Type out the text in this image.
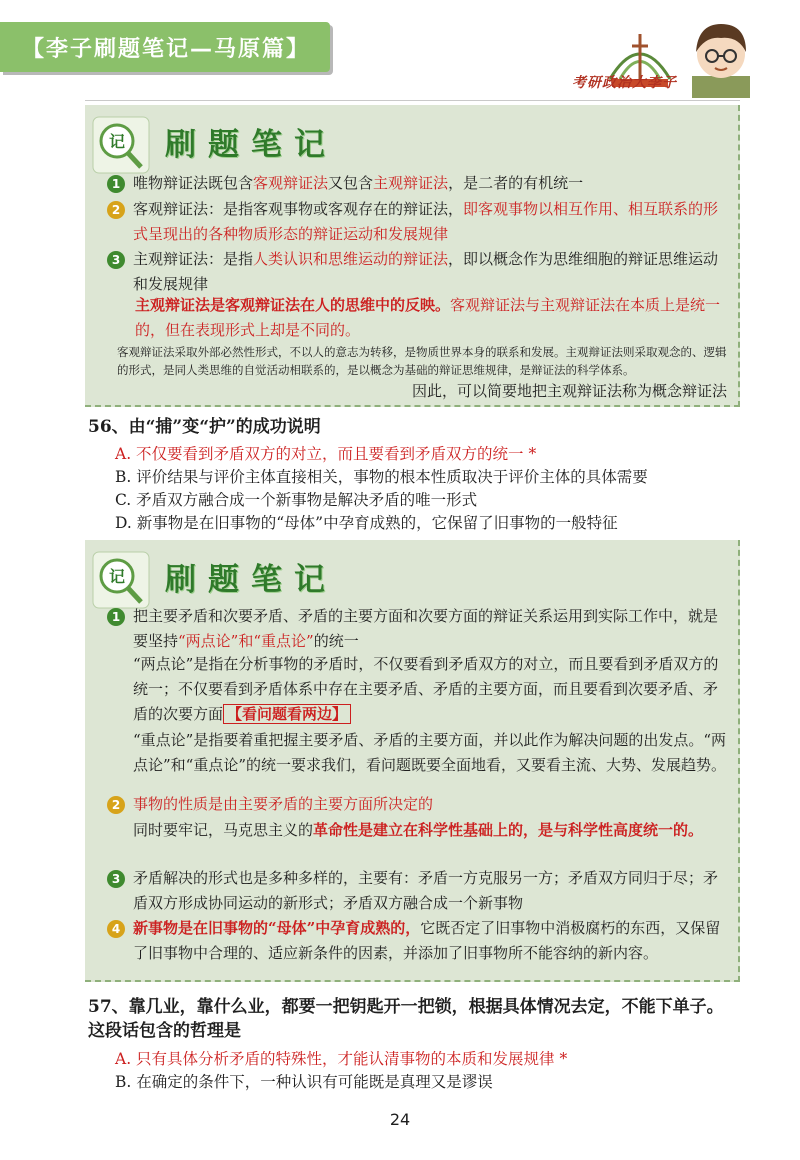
【李子刷题笔记—马原篇】
考研政治大李子
记 刷题笔记
1 唯物辩证法既包含客观辩证法又包含主观辩证法，是二者的有机统一
2 客观辩证法：是指客观事物或客观存在的辩证法，即客观事物以相互作用、相互联系的形式呈现出的各种物质形态的辩证运动和发展规律
3 主观辩证法：是指人类认识和思维运动的辩证法，即以概念作为思维细胞的辩证思维运动和发展规律
主观辩证法是客观辩证法在人的思维中的反映。客观辩证法与主观辩证法在本质上是统一的，但在表现形式上却是不同的。
客观辩证法采取外部必然性形式，不以人的意志为转移，是物质世界本身的联系和发展。主观辩证法则采取观念的、逻辑的形式，是同人类思维的自觉活动相联系的，是以概念为基础的辩证思维规律，是辩证法的科学体系。
因此，可以简要地把主观辩证法称为概念辩证法
56、由“捕”变“护”的成功说明
A. 不仅要看到矛盾双方的对立，而且要看到矛盾双方的统一 *
B. 评价结果与评价主体直接相关，事物的根本性质取决于评价主体的具体需要
C. 矛盾双方融合成一个新事物是解决矛盾的唯一形式
D. 新事物是在旧事物的“母体”中孕育成熟的，它保留了旧事物的一般特征
记 刷题笔记
1 把主要矛盾和次要矛盾、矛盾的主要方面和次要方面的辩证关系运用到实际工作中，就是要坚持“两点论”和“重点论”的统一
“两点论”是指在分析事物的矛盾时，不仅要看到矛盾双方的对立，而且要看到矛盾双方的统一；不仅要看到矛盾体系中存在主要矛盾、矛盾的主要方面，而且要看到次要矛盾、矛盾的次要方面 【看问题看两边】
“重点论”是指要着重把握主要矛盾、矛盾的主要方面，并以此作为解决问题的出发点。“两点论”和“重点论”的统一要求我们，看问题既要全面地看，又要看主流、大势、发展趋势。
2 事物的性质是由主要矛盾的主要方面所决定的
同时要牢记，马克思主义的革命性是建立在科学性基础上的，是与科学性高度统一的。
3 矛盾解决的形式也是多种多样的，主要有：矛盾一方克服另一方；矛盾双方同归于尽；矛盾双方形成协同运动的新形式；矛盾双方融合成一个新事物
4 新事物是在旧事物的“母体”中孕育成熟的，它既否定了旧事物中消极腐朽的东西，又保留了旧事物中合理的、适应新条件的因素，并添加了旧事物所不能容纳的新内容。
57、靠几业，靠什么业，都要一把钥匙开一把锁，根据具体情况去定，不能下单子。这段话包含的哲理是
A. 只有具体分析矛盾的特殊性，才能认清事物的本质和发展规律 *
B. 在确定的条件下，一种认识有可能既是真理又是谬误
24
